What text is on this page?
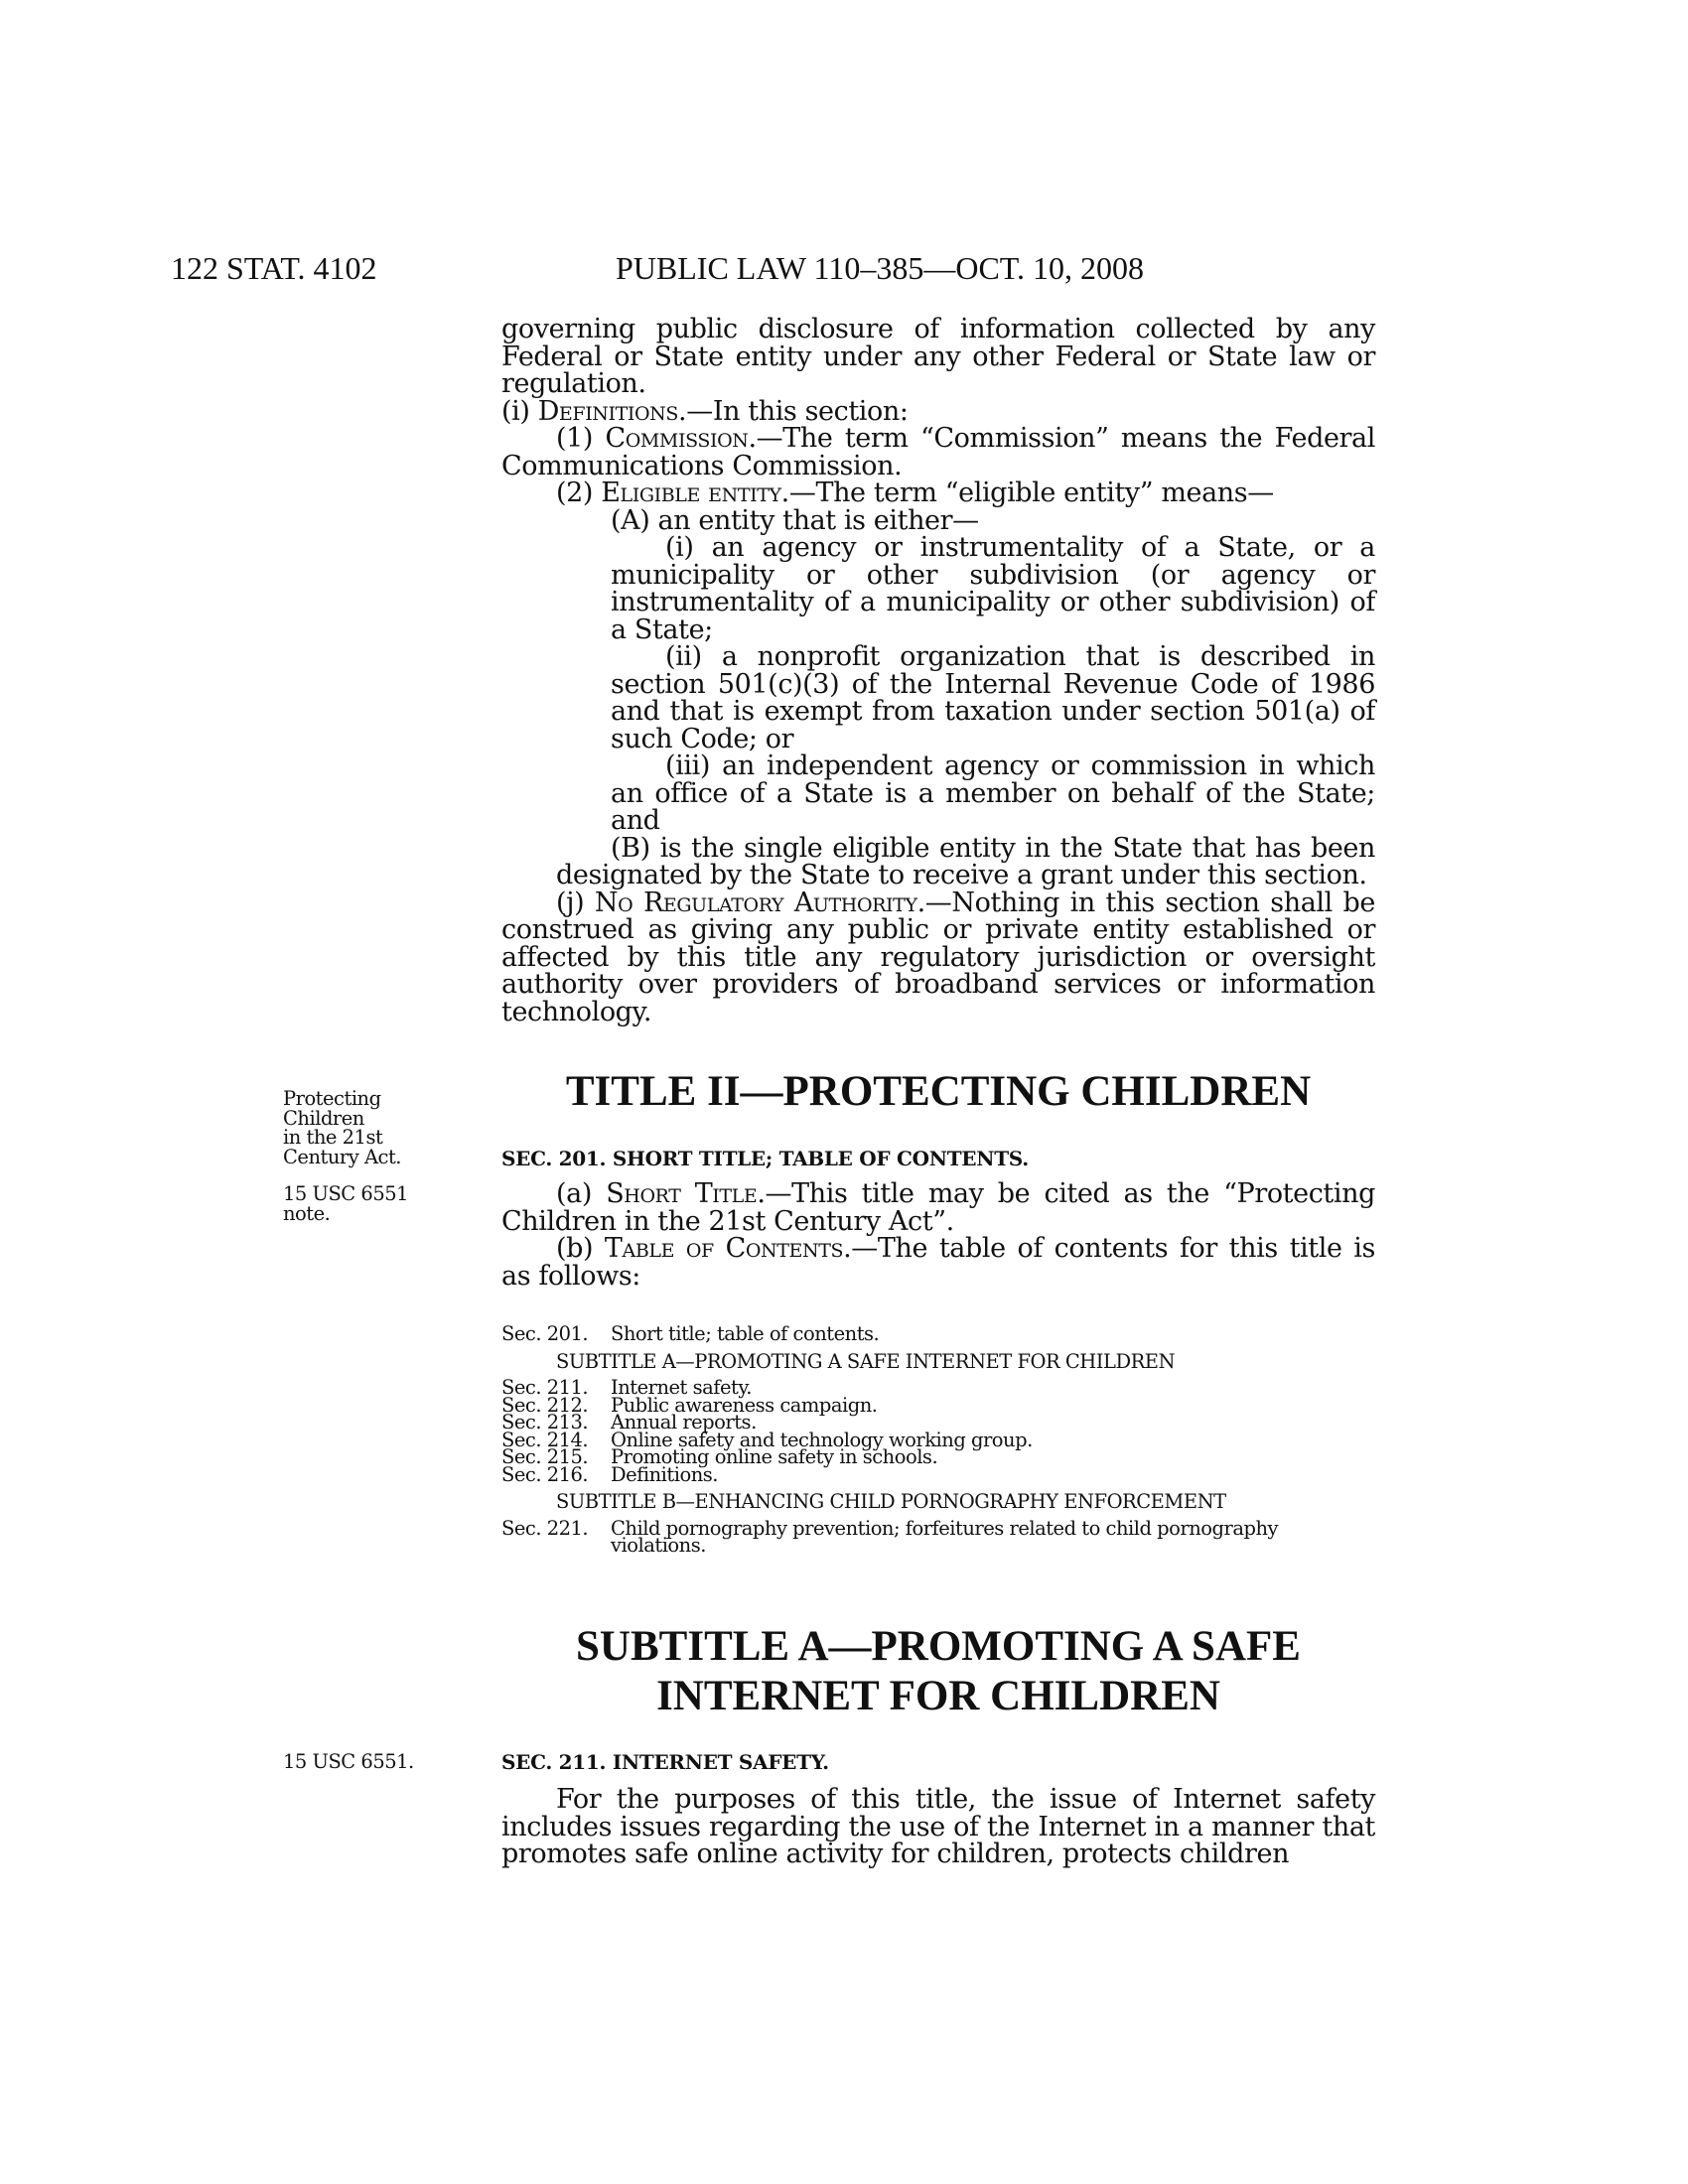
122 STAT. 4102	PUBLIC LAW 110–385—OCT. 10, 2008

governing public disclosure of information collected by any Federal or State entity under any other Federal or State law or regulation.

(i) Definitions.—In this section:

(1) Commission.—The term “Commission” means the Federal Communications Commission.

(2) Eligible entity.—The term “eligible entity” means—

(A) an entity that is either—

(i) an agency or instrumentality of a State, or a municipality or other subdivision (or agency or instrumentality of a municipality or other subdivision) of a State;

(ii) a nonprofit organization that is described in section 501(c)(3) of the Internal Revenue Code of 1986 and that is exempt from taxation under section 501(a) of such Code; or

(iii) an independent agency or commission in which an office of a State is a member on behalf of the State; and

(B) is the single eligible entity in the State that has been designated by the State to receive a grant under this section.

(j) No Regulatory Authority.—Nothing in this section shall be construed as giving any public or private entity established or affected by this title any regulatory jurisdiction or oversight authority over providers of broadband services or information technology.

Protecting
Children
in the 21st
Century Act.
15 USC 6551
note.
TITLE II—PROTECTING CHILDREN
SEC. 201. SHORT TITLE; TABLE OF CONTENTS.

(a) Short Title.—This title may be cited as the “Protecting Children in the 21st Century Act”.

(b) Table of Contents.—The table of contents for this title is as follows:

Sec. 201.	Short title; table of contents.
SUBTITLE A—PROMOTING A SAFE INTERNET FOR CHILDREN
Sec. 211.	Internet safety.
Sec. 212.	Public awareness campaign.
Sec. 213.	Annual reports.
Sec. 214.	Online safety and technology working group.
Sec. 215.	Promoting online safety in schools.
Sec. 216.	Definitions.
SUBTITLE B—ENHANCING CHILD PORNOGRAPHY ENFORCEMENT
Sec. 221.	Child pornography prevention; forfeitures related to child pornography violations.
SUBTITLE A—PROMOTING A SAFE
INTERNET FOR CHILDREN
15 USC 6551.	SEC. 211. INTERNET SAFETY.

For the purposes of this title, the issue of Internet safety includes issues regarding the use of the Internet in a manner that promotes safe online activity for children, protects children
